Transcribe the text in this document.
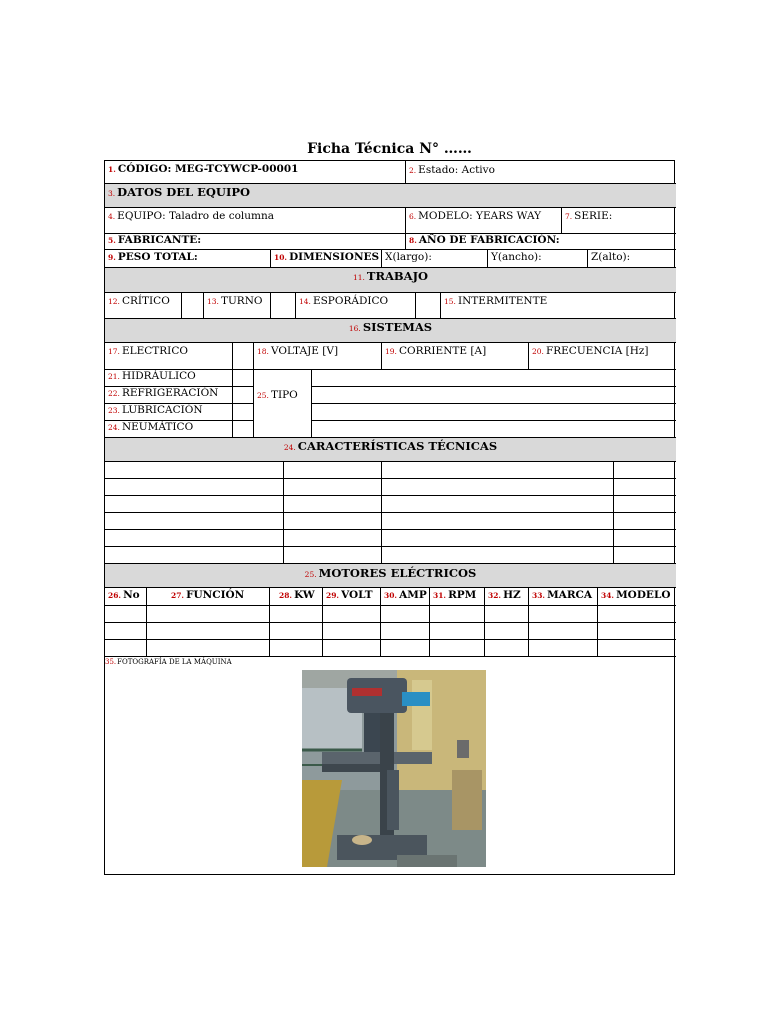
Ficha Técnica N° ……
1. CÓDIGO: MEG-TCYWCP-00001	2. Estado: Activo
3. DATOS DEL EQUIPO
4. EQUIPO: Taladro de columna	6. MODELO: YEARS WAY	7. SERIE:
5. FABRICANTE:	8. AÑO DE FABRICACIÓN:
9. PESO TOTAL:	10. DIMENSIONES X(largo):	Y(ancho):	Z(alto):
11. TRABAJO
12. CRÍTICO	13. TURNO	14. ESPORÁDICO	15. INTERMITENTE
16. SISTEMAS
17. ELECTRICO	18. VOLTAJE [V]	19. CORRIENTE [A]	20. FRECUENCIA [Hz]
21. HIDRÁULICO
22. REFRIGERACIÓN
23. LUBRICACIÓN
24. NEUMÁTICO
25. TIPO
24. CARACTERÍSTICAS TÉCNICAS
25. MOTORES ELÉCTRICOS
26. No	27. FUNCIÓN	28. KW	29. VOLT	30. AMP 31. RPM	32. HZ	33. MARCA	34. MODELO
35.FOTOGRAFÍA DE LA MÁQUINA
